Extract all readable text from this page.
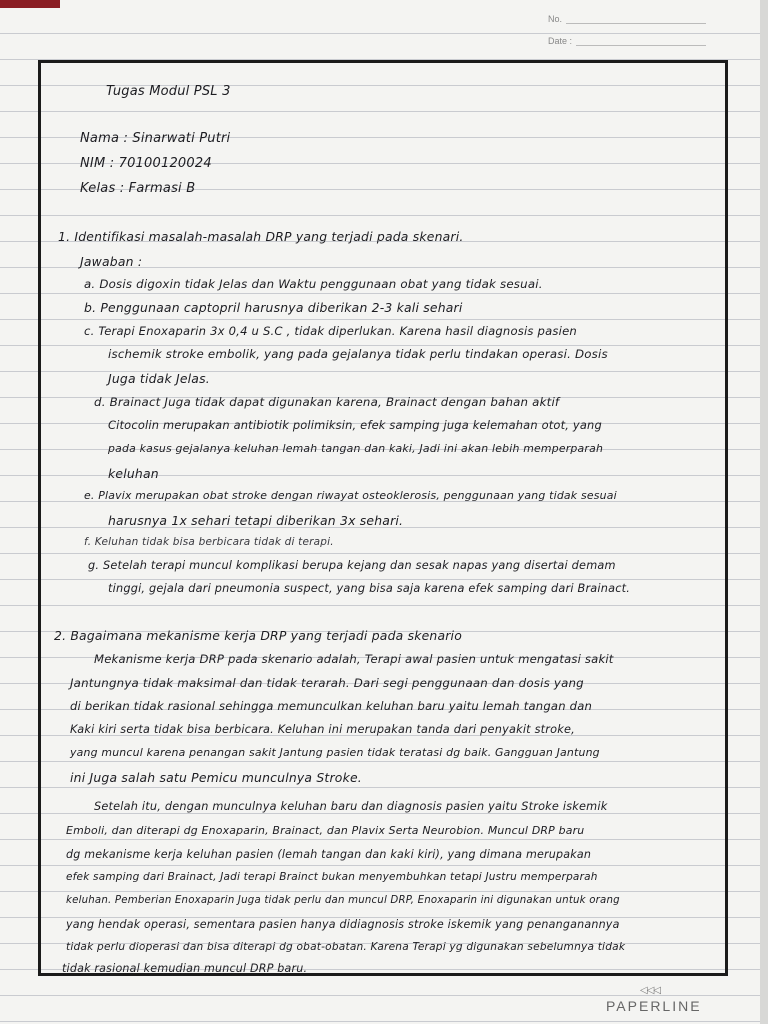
No.
Date :
Tugas Modul PSL 3
Nama : Sinarwati Putri
NIM : 70100120024
Kelas : Farmasi B
1. Identifikasi masalah-masalah DRP yang terjadi pada skenari.
Jawaban :
a. Dosis digoxin tidak Jelas dan Waktu penggunaan obat yang tidak sesuai.
b. Penggunaan captopril harusnya diberikan 2-3 kali sehari
c. Terapi Enoxaparin 3x 0,4 u S.C , tidak diperlukan. Karena hasil diagnosis pasien
ischemik stroke embolik, yang pada gejalanya tidak perlu tindakan operasi. Dosis
Juga tidak Jelas.
d. Brainact Juga tidak dapat digunakan karena, Brainact dengan bahan aktif
Citocolin merupakan antibiotik polimiksin, efek samping juga kelemahan otot, yang
pada kasus gejalanya keluhan lemah tangan dan kaki, Jadi ini akan lebih memperparah
keluhan
e. Plavix merupakan obat stroke dengan riwayat osteoklerosis, penggunaan yang tidak sesuai
harusnya 1x sehari tetapi diberikan 3x sehari.
f. Keluhan tidak bisa berbicara tidak di terapi.
g. Setelah terapi muncul komplikasi berupa kejang dan sesak napas yang disertai demam
tinggi, gejala dari pneumonia suspect, yang bisa saja karena efek samping dari Brainact.
2. Bagaimana mekanisme kerja DRP yang terjadi pada skenario
Mekanisme kerja DRP pada skenario adalah, Terapi awal pasien untuk mengatasi sakit
Jantungnya tidak maksimal dan tidak terarah. Dari segi penggunaan dan dosis yang
di berikan tidak rasional sehingga memunculkan keluhan baru yaitu lemah tangan dan
Kaki kiri serta tidak bisa berbicara. Keluhan ini merupakan tanda dari penyakit stroke,
yang muncul karena penangan sakit Jantung pasien tidak teratasi dg baik. Gangguan Jantung
ini Juga salah satu Pemicu munculnya Stroke.
Setelah itu, dengan munculnya keluhan baru dan diagnosis pasien yaitu Stroke iskemik
Emboli, dan diterapi dg Enoxaparin, Brainact, dan Plavix Serta Neurobion. Muncul DRP baru
dg mekanisme kerja keluhan pasien (lemah tangan dan kaki kiri), yang dimana merupakan
efek samping dari Brainact, Jadi terapi Brainct bukan menyembuhkan tetapi Justru memperparah
keluhan. Pemberian Enoxaparin Juga tidak perlu dan muncul DRP, Enoxaparin ini digunakan untuk orang
yang hendak operasi, sementara pasien hanya didiagnosis stroke iskemik yang penanganannya
tidak perlu dioperasi dan bisa diterapi dg obat-obatan. Karena Terapi yg digunakan sebelumnya tidak
tidak rasional kemudian muncul DRP baru.
◁◁◁
PAPERLINE
